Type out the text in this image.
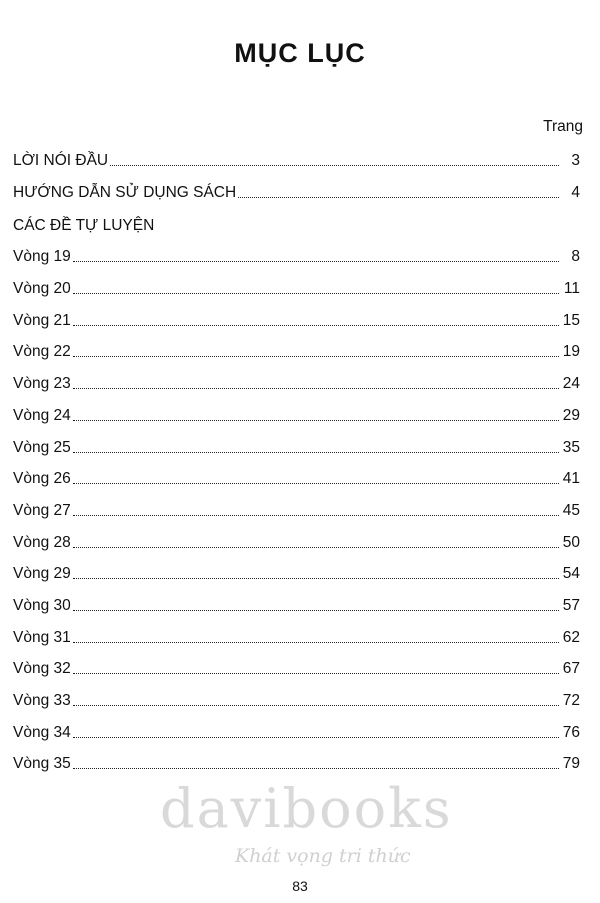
MỤC LỤC
Trang
LỜI NÓI ĐẦU	3
HƯỚNG DẪN SỬ DỤNG SÁCH	4
CÁC ĐỀ TỰ LUYỆN
Vòng 19	8
Vòng 20	11
Vòng 21	15
Vòng 22	19
Vòng 23	24
Vòng 24	29
Vòng 25	35
Vòng 26	41
Vòng 27	45
Vòng 28	50
Vòng 29	54
Vòng 30	57
Vòng 31	62
Vòng 32	67
Vòng 33	72
Vòng 34	76
Vòng 35	79
davibooks
Khát vọng tri thức
83
